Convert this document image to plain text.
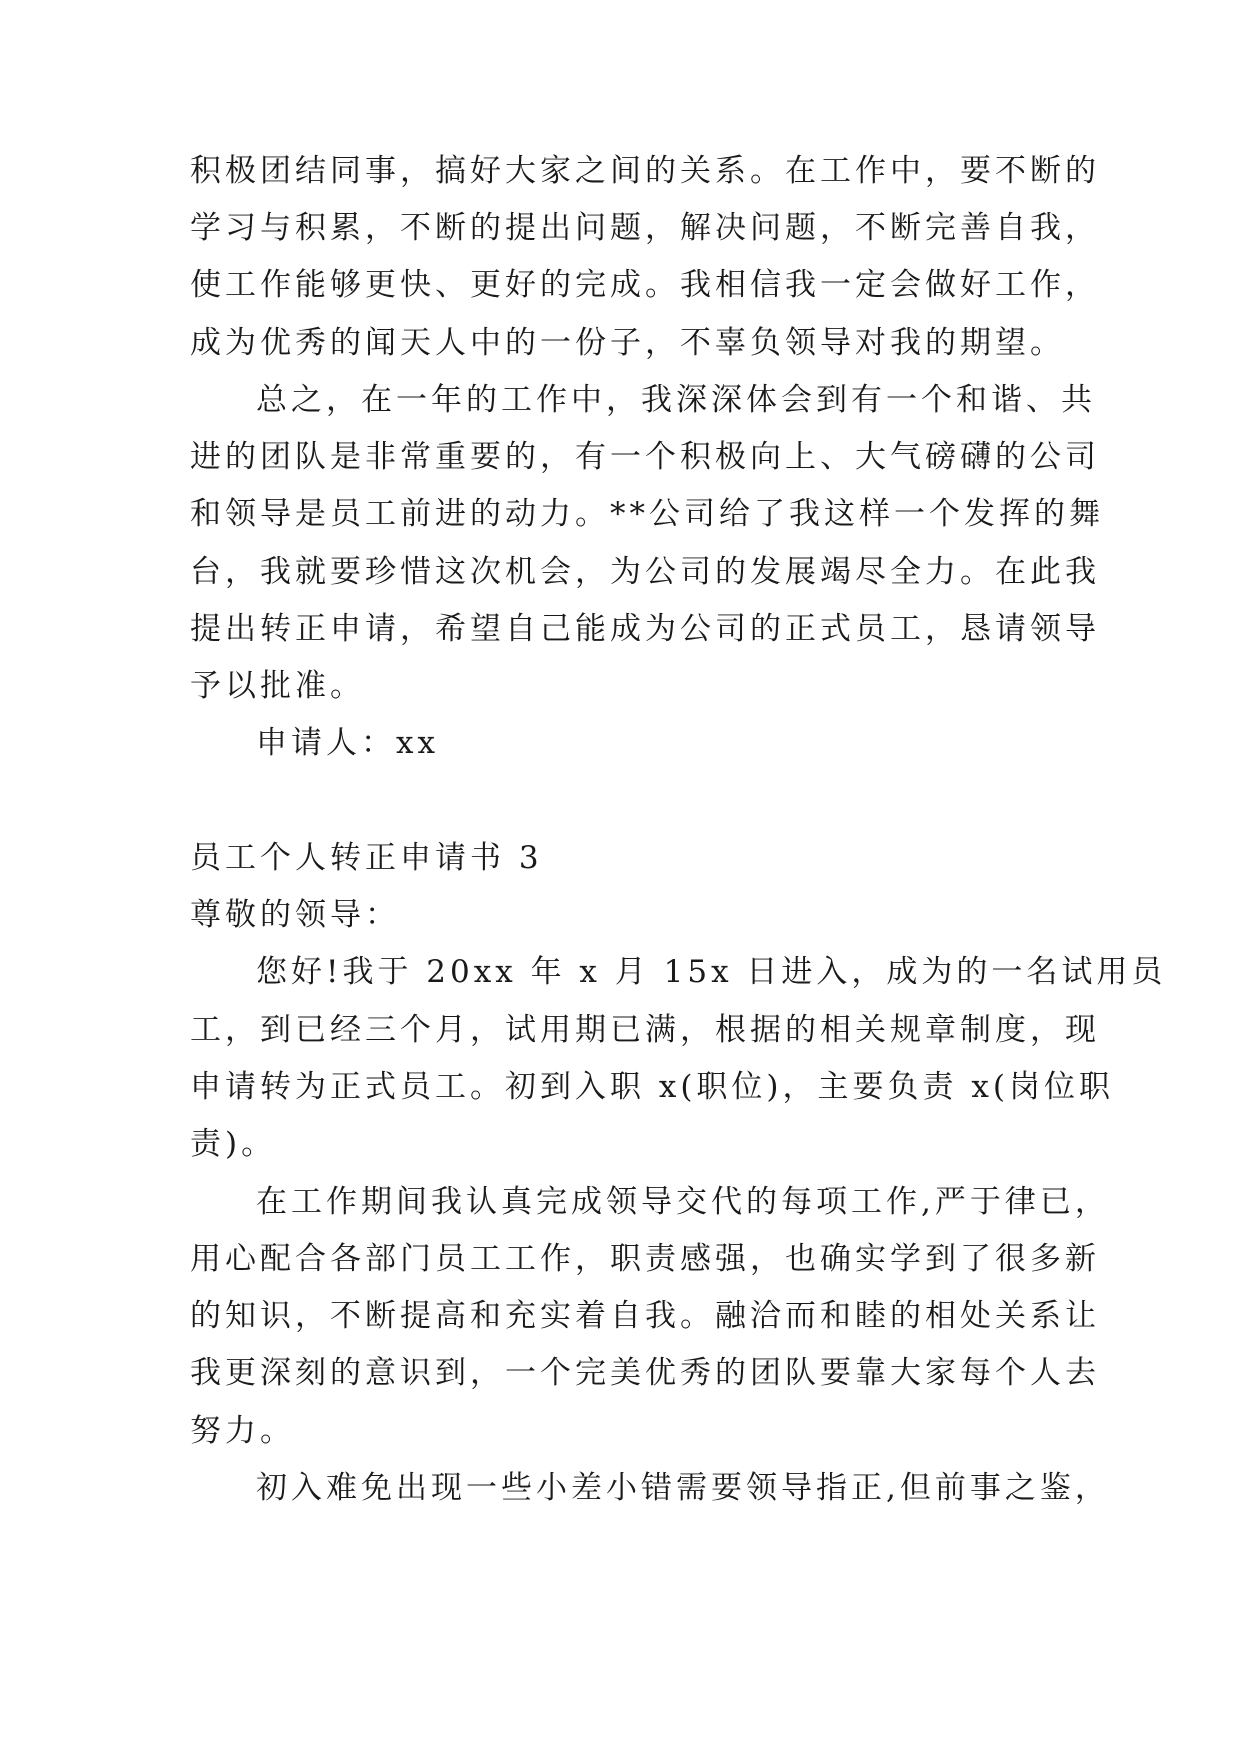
积极团结同事，搞好大家之间的关系。在工作中，要不断的
学习与积累，不断的提出问题，解决问题，不断完善自我，
使工作能够更快、更好的完成。我相信我一定会做好工作，
成为优秀的闻天人中的一份子，不辜负领导对我的期望。
总之，在一年的工作中，我深深体会到有一个和谐、共
进的团队是非常重要的，有一个积极向上、大气磅礴的公司
和领导是员工前进的动力。**公司给了我这样一个发挥的舞
台，我就要珍惜这次机会，为公司的发展竭尽全力。在此我
提出转正申请，希望自己能成为公司的正式员工，恳请领导
予以批准。
申请人：xx
员工个人转正申请书 3
尊敬的领导：
您好!我于 20xx 年 x 月 15x 日进入，成为的一名试用员
工，到已经三个月，试用期已满，根据的相关规章制度，现
申请转为正式员工。初到入职 x(职位)，主要负责 x(岗位职
责)。
在工作期间我认真完成领导交代的每项工作,严于律已，
用心配合各部门员工工作，职责感强，也确实学到了很多新
的知识，不断提高和充实着自我。融洽而和睦的相处关系让
我更深刻的意识到，一个完美优秀的团队要靠大家每个人去
努力。
初入难免出现一些小差小错需要领导指正,但前事之鉴，
